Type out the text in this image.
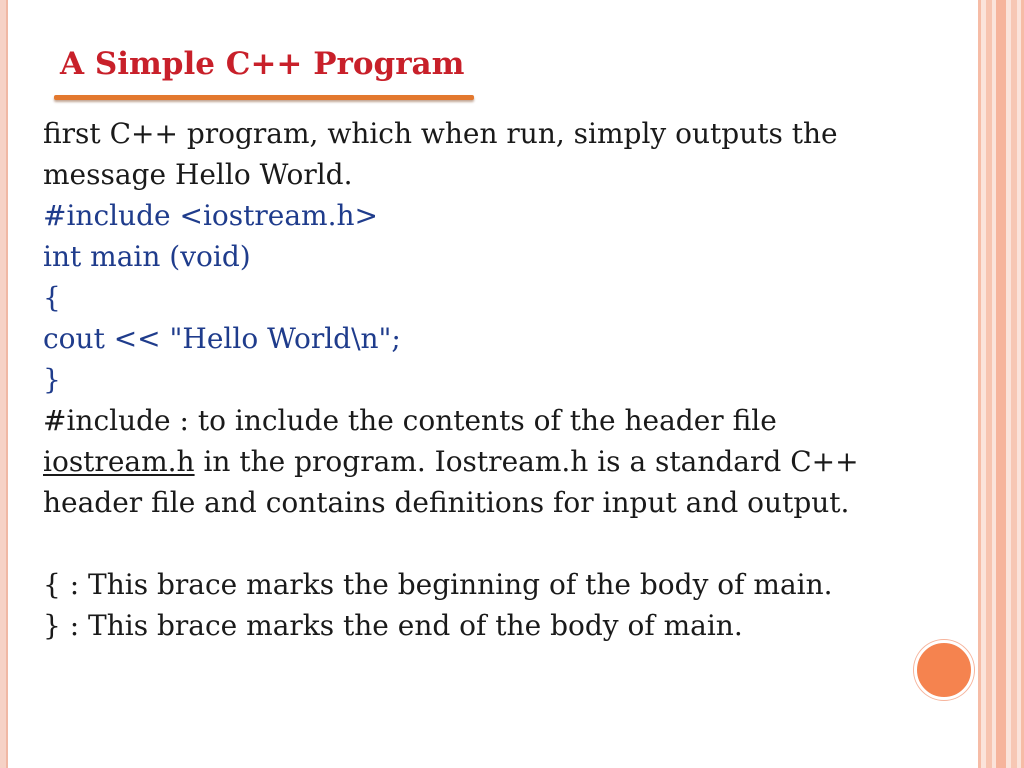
A Simple C++ Program

first C++ program, which when run, simply outputs the

message Hello World.

#include <iostream.h>

int main (void)

{

cout << "Hello World\n";

}

#include : to include the contents of the header file

iostream.h in the program. Iostream.h is a standard C++

header file and contains definitions for input and output.

{ : This brace marks the beginning of the body of main.

} : This brace marks the end of the body of main.
